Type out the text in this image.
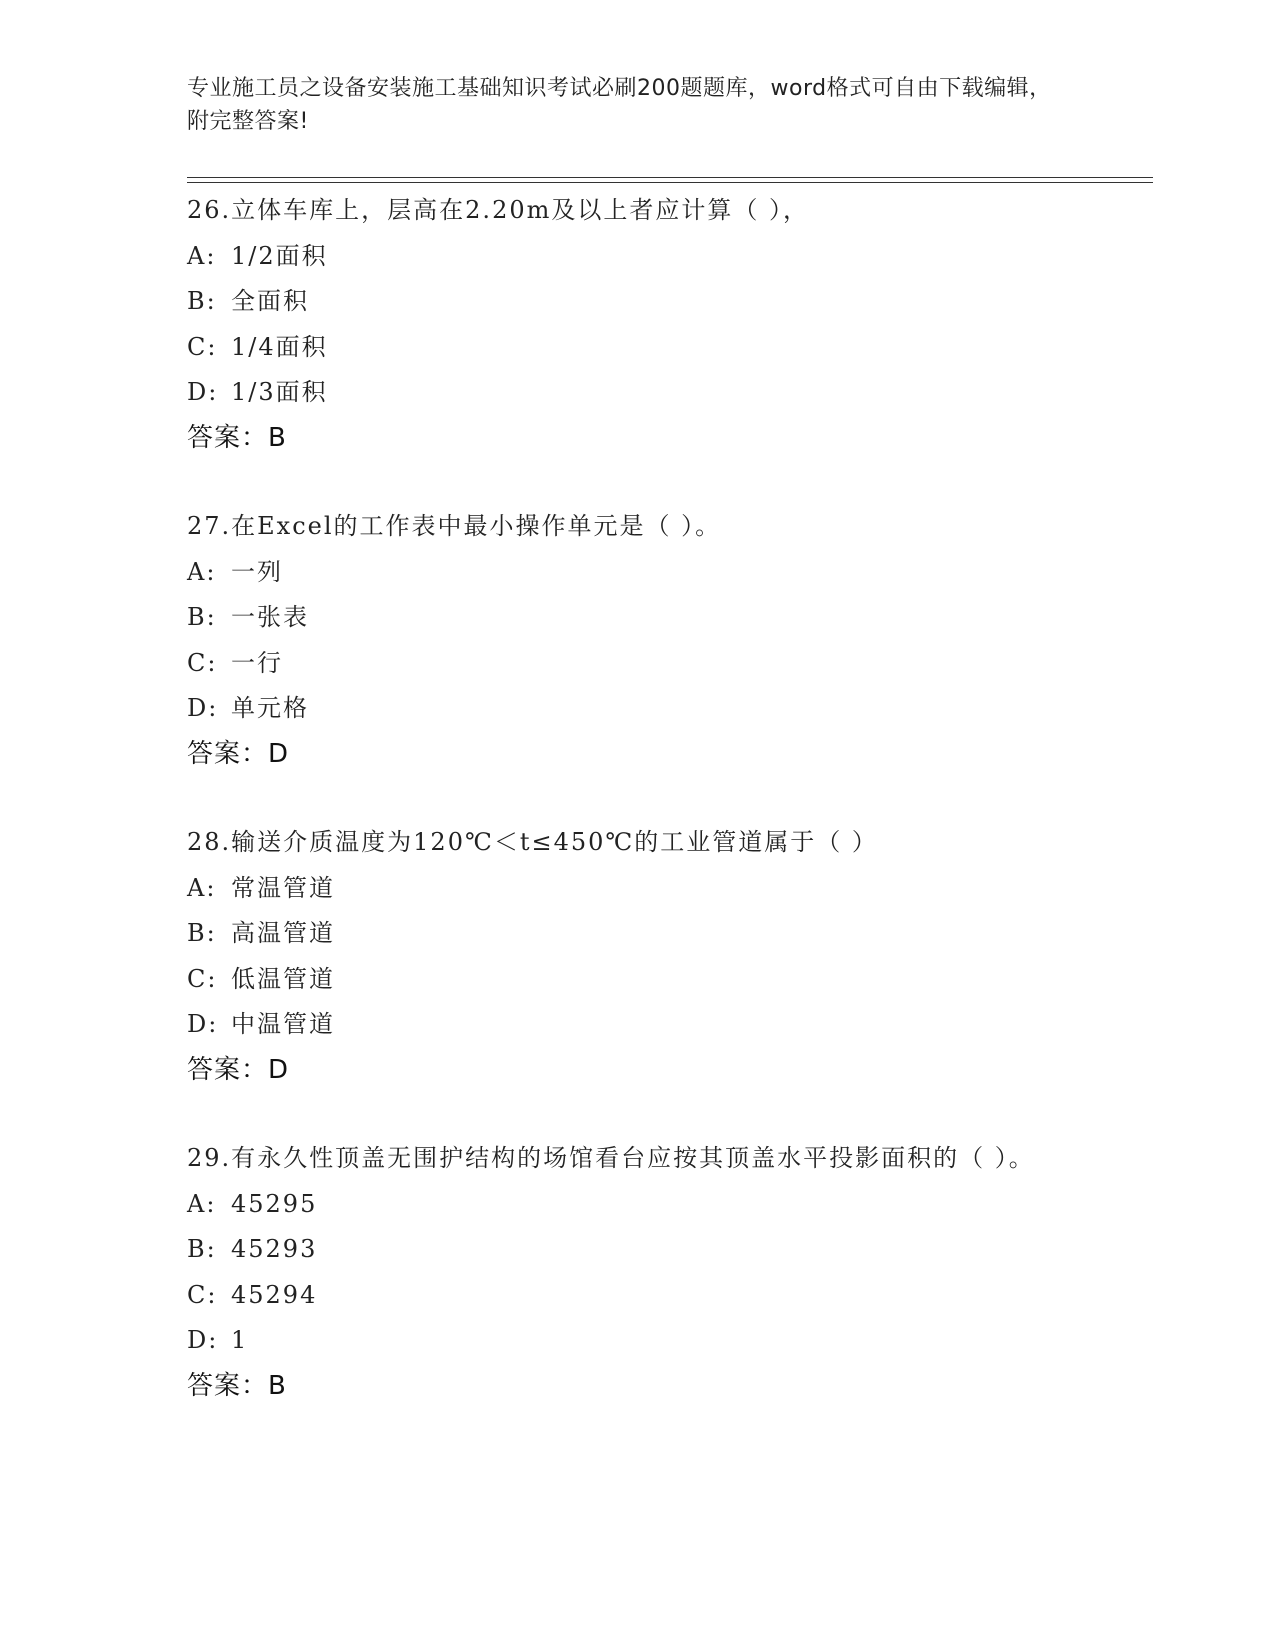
专业施工员之设备安装施工基础知识考试必刷200题题库，word格式可自由下载编辑，附完整答案!
26.立体车库上，层高在2.20m及以上者应计算（ ），
A: 1/2面积
B: 全面积
C: 1/4面积
D: 1/3面积
答案：B
27.在Excel的工作表中最小操作单元是（ ）。
A: 一列
B: 一张表
C: 一行
D: 单元格
答案：D
28.输送介质温度为120℃＜t≤450℃的工业管道属于（ ）
A: 常温管道
B: 高温管道
C: 低温管道
D: 中温管道
答案：D
29.有永久性顶盖无围护结构的场馆看台应按其顶盖水平投影面积的（ ）。
A: 45295
B: 45293
C: 45294
D: 1
答案：B
